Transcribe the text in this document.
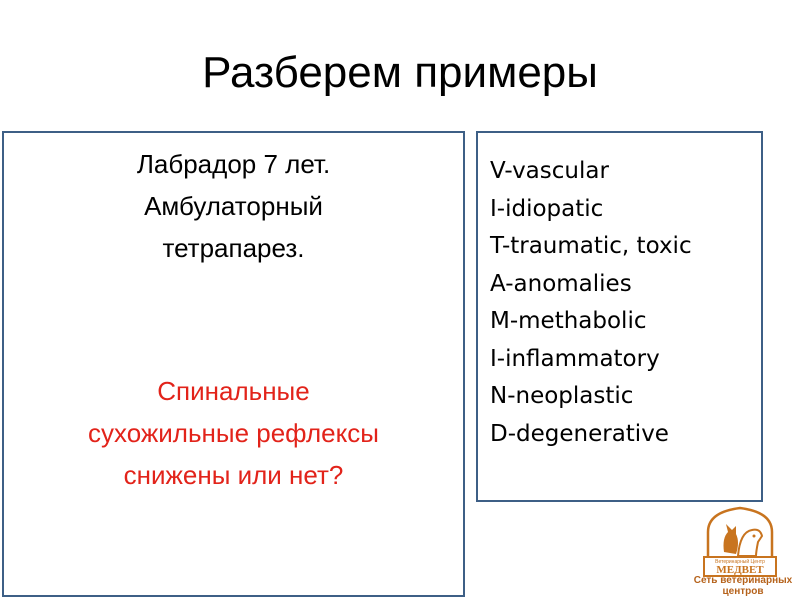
Разберем примеры
Лабрадор 7 лет.
Амбулаторный
тетрапарез.
Спинальные
сухожильные рефлексы
снижены или нет?
V-vascular
I-idiopatic
T-traumatic, toxic
A-anomalies
M-methabolic
I-inflammatory
N-neoplastic
D-degenerative
Ветеринарный Центр
МЕДВЕТ
Сеть ветеринарных
центров
